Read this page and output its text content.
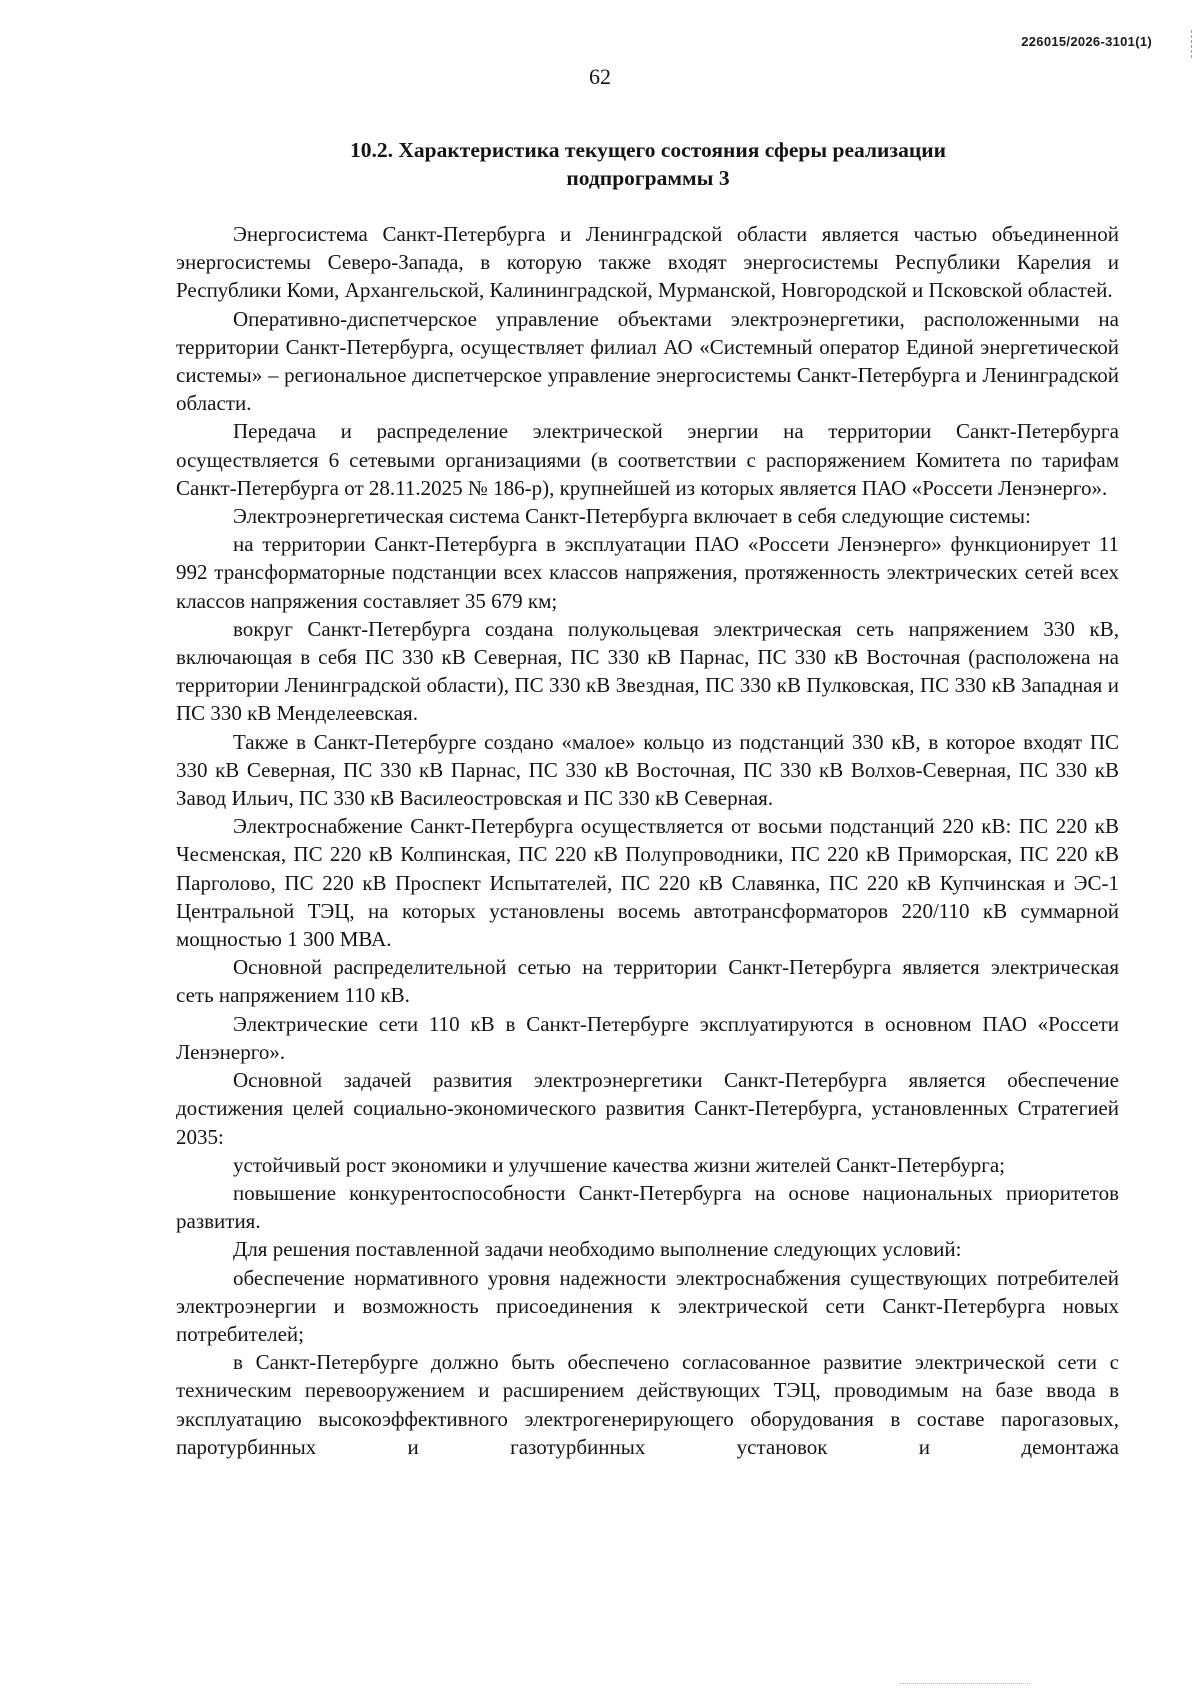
226015/2026-3101(1)
62
10.2. Характеристика текущего состояния сферы реализации
подпрограммы 3

Энергосистема Санкт-Петербурга и Ленинградской области является частью объединенной энергосистемы Северо-Запада, в которую также входят энергосистемы Республики Карелия и Республики Коми, Архангельской, Калининградской, Мурманской, Новгородской и Псковской областей.

Оперативно-диспетчерское управление объектами электроэнергетики, расположенными на территории Санкт-Петербурга, осуществляет филиал АО «Системный оператор Единой энергетической системы» – региональное диспетчерское управление энергосистемы Санкт-Петербурга и Ленинградской области.

Передача и распределение электрической энергии на территории Санкт-Петербурга осуществляется 6 сетевыми организациями (в соответствии с распоряжением Комитета по тарифам Санкт-Петербурга от 28.11.2025 № 186-р), крупнейшей из которых является ПАО «Россети Ленэнерго».

Электроэнергетическая система Санкт-Петербурга включает в себя следующие системы:

на территории Санкт-Петербурга в эксплуатации ПАО «Россети Ленэнерго» функционирует 11 992 трансформаторные подстанции всех классов напряжения, протяженность электрических сетей всех классов напряжения составляет 35 679 км;

вокруг Санкт-Петербурга создана полукольцевая электрическая сеть напряжением 330 кВ, включающая в себя ПС 330 кВ Северная, ПС 330 кВ Парнас, ПС 330 кВ Восточная (расположена на территории Ленинградской области), ПС 330 кВ Звездная, ПС 330 кВ Пулковская, ПС 330 кВ Западная и ПС 330 кВ Менделеевская.

Также в Санкт-Петербурге создано «малое» кольцо из подстанций 330 кВ, в которое входят ПС 330 кВ Северная, ПС 330 кВ Парнас, ПС 330 кВ Восточная, ПС 330 кВ Волхов-Северная, ПС 330 кВ Завод Ильич, ПС 330 кВ Василеостровская и ПС 330 кВ Северная.

Электроснабжение Санкт-Петербурга осуществляется от восьми подстанций 220 кВ: ПС 220 кВ Чесменская, ПС 220 кВ Колпинская, ПС 220 кВ Полупроводники, ПС 220 кВ Приморская, ПС 220 кВ Парголово, ПС 220 кВ Проспект Испытателей, ПС 220 кВ Славянка, ПС 220 кВ Купчинская и ЭС-1 Центральной ТЭЦ, на которых установлены восемь автотрансформаторов 220/110 кВ суммарной мощностью 1 300 МВА.

Основной распределительной сетью на территории Санкт-Петербурга является электрическая сеть напряжением 110 кВ.

Электрические сети 110 кВ в Санкт-Петербурге эксплуатируются в основном ПАО «Россети Ленэнерго».

Основной задачей развития электроэнергетики Санкт-Петербурга является обеспечение достижения целей социально-экономического развития Санкт-Петербурга, установленных Стратегией 2035:

устойчивый рост экономики и улучшение качества жизни жителей Санкт-Петербурга;

повышение конкурентоспособности Санкт-Петербурга на основе национальных приоритетов развития.

Для решения поставленной задачи необходимо выполнение следующих условий:

обеспечение нормативного уровня надежности электроснабжения существующих потребителей электроэнергии и возможность присоединения к электрической сети Санкт-Петербурга новых потребителей;

в Санкт-Петербурге должно быть обеспечено согласованное развитие электрической сети с техническим перевооружением и расширением действующих ТЭЦ, проводимым на базе ввода в эксплуатацию высокоэффективного электрогенерирующего оборудования в составе парогазовых, паротурбинных и газотурбинных установок и демонтажа
